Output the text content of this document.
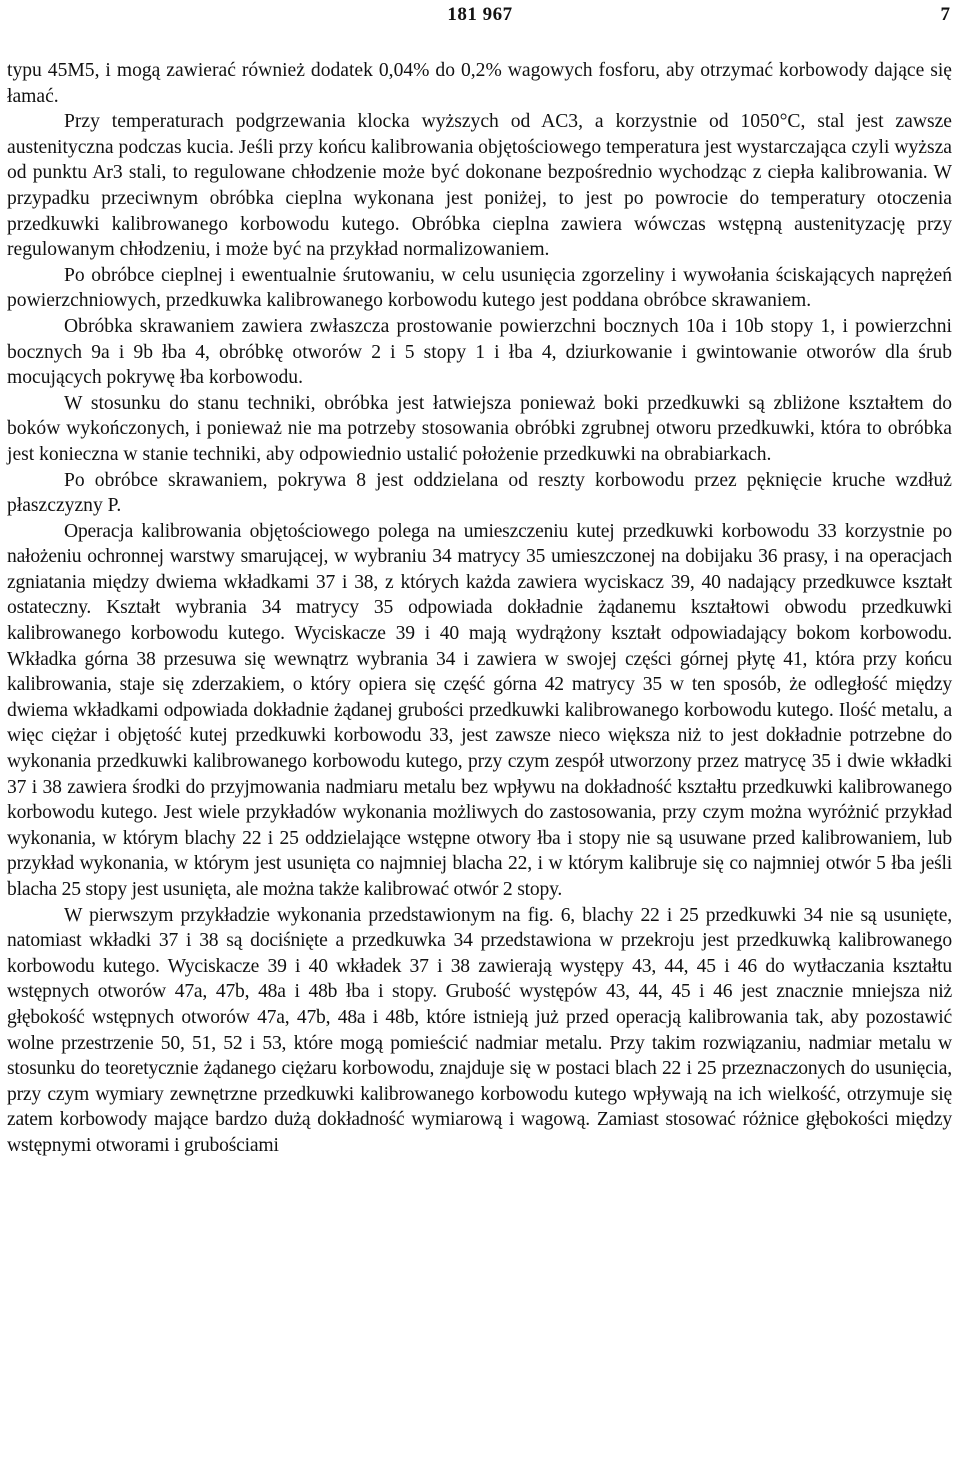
181 967	7

typu 45M5, i mogą zawierać również dodatek 0,04% do 0,2% wagowych fosforu, aby otrzymać korbowody dające się łamać.

Przy temperaturach podgrzewania klocka wyższych od AC3, a korzystnie od 1050°C, stal jest zawsze austenityczna podczas kucia. Jeśli przy końcu kalibrowania objętościowego temperatura jest wystarczająca czyli wyższa od punktu Ar3 stali, to regulowane chłodzenie może być dokonane bezpośrednio wychodząc z ciepła kalibrowania. W przypadku przeciwnym obróbka cieplna wykonana jest poniżej, to jest po powrocie do temperatury otoczenia przedkuwki kalibrowanego korbowodu kutego. Obróbka cieplna zawiera wówczas wstępną austenityzację przy regulowanym chłodzeniu, i może być na przykład normalizowaniem.

Po obróbce cieplnej i ewentualnie śrutowaniu, w celu usunięcia zgorzeliny i wywołania ściskających naprężeń powierzchniowych, przedkuwka kalibrowanego korbowodu kutego jest poddana obróbce skrawaniem.

Obróbka skrawaniem zawiera zwłaszcza prostowanie powierzchni bocznych 10a i 10b stopy 1, i powierzchni bocznych 9a i 9b łba 4, obróbkę otworów 2 i 5 stopy 1 i łba 4, dziurkowanie i gwintowanie otworów dla śrub mocujących pokrywę łba korbowodu.

W stosunku do stanu techniki, obróbka jest łatwiejsza ponieważ boki przedkuwki są zbliżone kształtem do boków wykończonych, i ponieważ nie ma potrzeby stosowania obróbki zgrubnej otworu przedkuwki, która to obróbka jest konieczna w stanie techniki, aby odpowiednio ustalić położenie przedkuwki na obrabiarkach.

Po obróbce skrawaniem, pokrywa 8 jest oddzielana od reszty korbowodu przez pęknięcie kruche wzdłuż płaszczyzny P.

Operacja kalibrowania objętościowego polega na umieszczeniu kutej przedkuwki korbowodu 33 korzystnie po nałożeniu ochronnej warstwy smarującej, w wybraniu 34 matrycy 35 umieszczonej na dobijaku 36 prasy, i na operacjach zgniatania między dwiema wkładkami 37 i 38, z których każda zawiera wyciskacz 39, 40 nadający przedkuwce kształt ostateczny. Kształt wybrania 34 matrycy 35 odpowiada dokładnie żądanemu kształtowi obwodu przedkuwki kalibrowanego korbowodu kutego. Wyciskacze 39 i 40 mają wydrążony kształt odpowiadający bokom korbowodu. Wkładka górna 38 przesuwa się wewnątrz wybrania 34 i zawiera w swojej części górnej płytę 41, która przy końcu kalibrowania, staje się zderzakiem, o który opiera się część górna 42 matrycy 35 w ten sposób, że odległość między dwiema wkładkami odpowiada dokładnie żądanej grubości przedkuwki kalibrowanego korbowodu kutego. Ilość metalu, a więc ciężar i objętość kutej przedkuwki korbowodu 33, jest zawsze nieco większa niż to jest dokładnie potrzebne do wykonania przedkuwki kalibrowanego korbowodu kutego, przy czym zespół utworzony przez matrycę 35 i dwie wkładki 37 i 38 zawiera środki do przyjmowania nadmiaru metalu bez wpływu na dokładność kształtu przedkuwki kalibrowanego korbowodu kutego. Jest wiele przykładów wykonania możliwych do zastosowania, przy czym można wyróżnić przykład wykonania, w którym blachy 22 i 25 oddzielające wstępne otwory łba i stopy nie są usuwane przed kalibrowaniem, lub przykład wykonania, w którym jest usunięta co najmniej blacha 22, i w którym kalibruje się co najmniej otwór 5 łba jeśli blacha 25 stopy jest usunięta, ale można także kalibrować otwór 2 stopy.

W pierwszym przykładzie wykonania przedstawionym na fig. 6, blachy 22 i 25 przedkuwki 34 nie są usunięte, natomiast wkładki 37 i 38 są dociśnięte a przedkuwka 34 przedstawiona w przekroju jest przedkuwką kalibrowanego korbowodu kutego. Wyciskacze 39 i 40 wkładek 37 i 38 zawierają występy 43, 44, 45 i 46 do wytłaczania kształtu wstępnych otworów 47a, 47b, 48a i 48b łba i stopy. Grubość występów 43, 44, 45 i 46 jest znacznie mniejsza niż głębokość wstępnych otworów 47a, 47b, 48a i 48b, które istnieją już przed operacją kalibrowania tak, aby pozostawić wolne przestrzenie 50, 51, 52 i 53, które mogą pomieścić nadmiar metalu. Przy takim rozwiązaniu, nadmiar metalu w stosunku do teoretycznie żądanego ciężaru korbowodu, znajduje się w postaci blach 22 i 25 przeznaczonych do usunięcia, przy czym wymiary zewnętrzne przedkuwki kalibrowanego korbowodu kutego wpływają na ich wielkość, otrzymuje się zatem korbowody mające bardzo dużą dokładność wymiarową i wagową. Zamiast stosować różnice głębokości między wstępnymi otworami i grubościami
